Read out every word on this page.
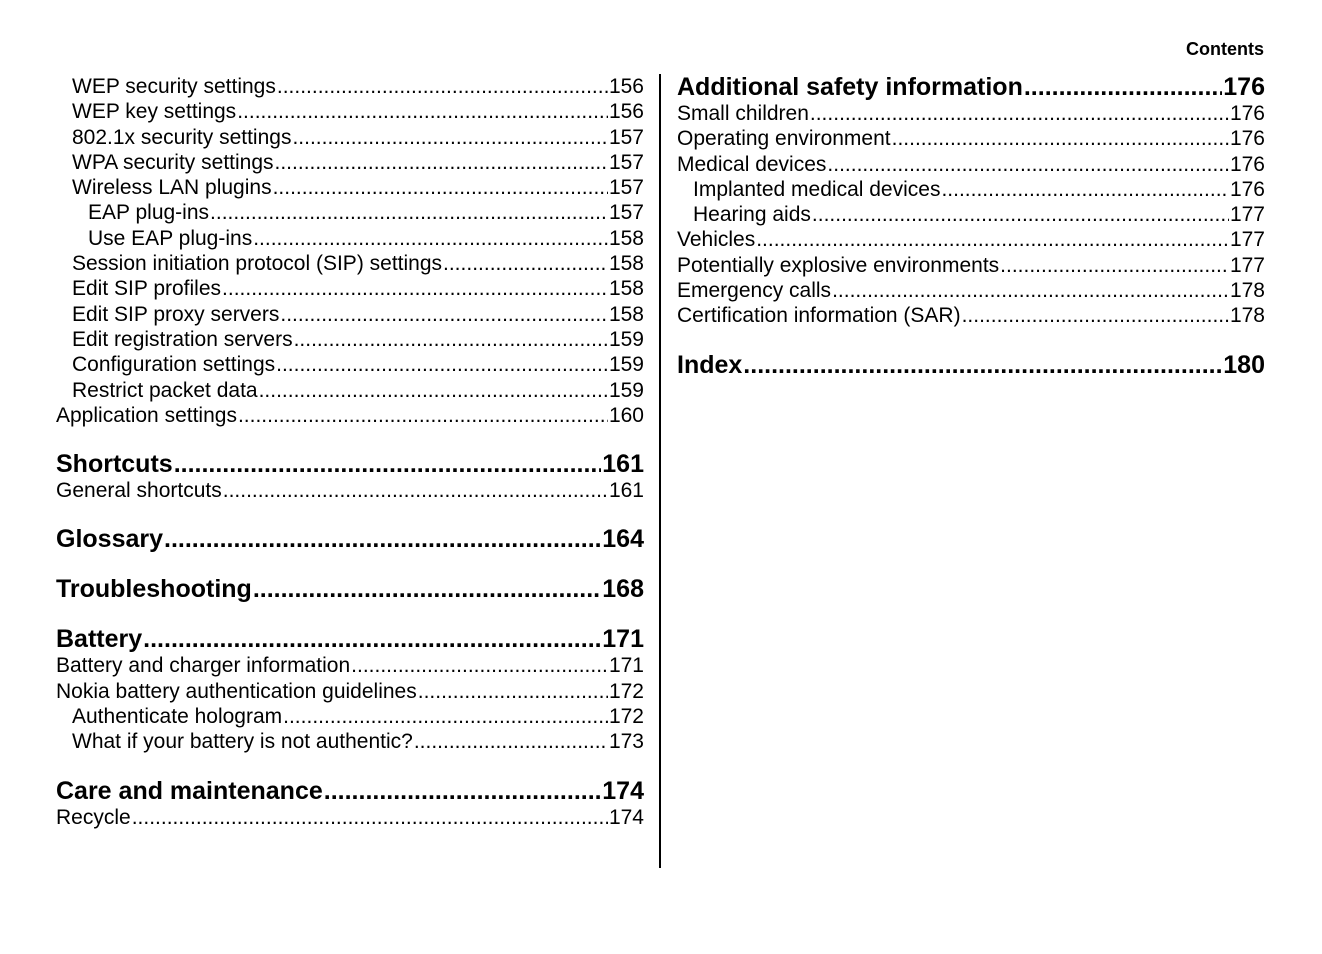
Contents
WEP security settings .....	156
WEP key settings .....	156
802.1x security settings .....	157
WPA security settings .....	157
Wireless LAN plugins .....	157
EAP plug-ins .....	157
Use EAP plug-ins .....	158
Session initiation protocol (SIP) settings .....	158
Edit SIP profiles .....	158
Edit SIP proxy servers .....	158
Edit registration servers .....	159
Configuration settings .....	159
Restrict packet data .....	159
Application settings .....	160
Shortcuts .....	161
General shortcuts .....	161
Glossary .....	164
Troubleshooting .....	168
Battery .....	171
Battery and charger information .....	171
Nokia battery authentication guidelines .....	172
Authenticate hologram .....	172
What if your battery is not authentic? .....	173
Care and maintenance .....	174
Recycle .....	174
Additional safety information .....	176
Small children .....	176
Operating environment .....	176
Medical devices .....	176
Implanted medical devices .....	176
Hearing aids .....	177
Vehicles .....	177
Potentially explosive environments .....	177
Emergency calls .....	178
Certification information (SAR) .....	178
Index .....	180
